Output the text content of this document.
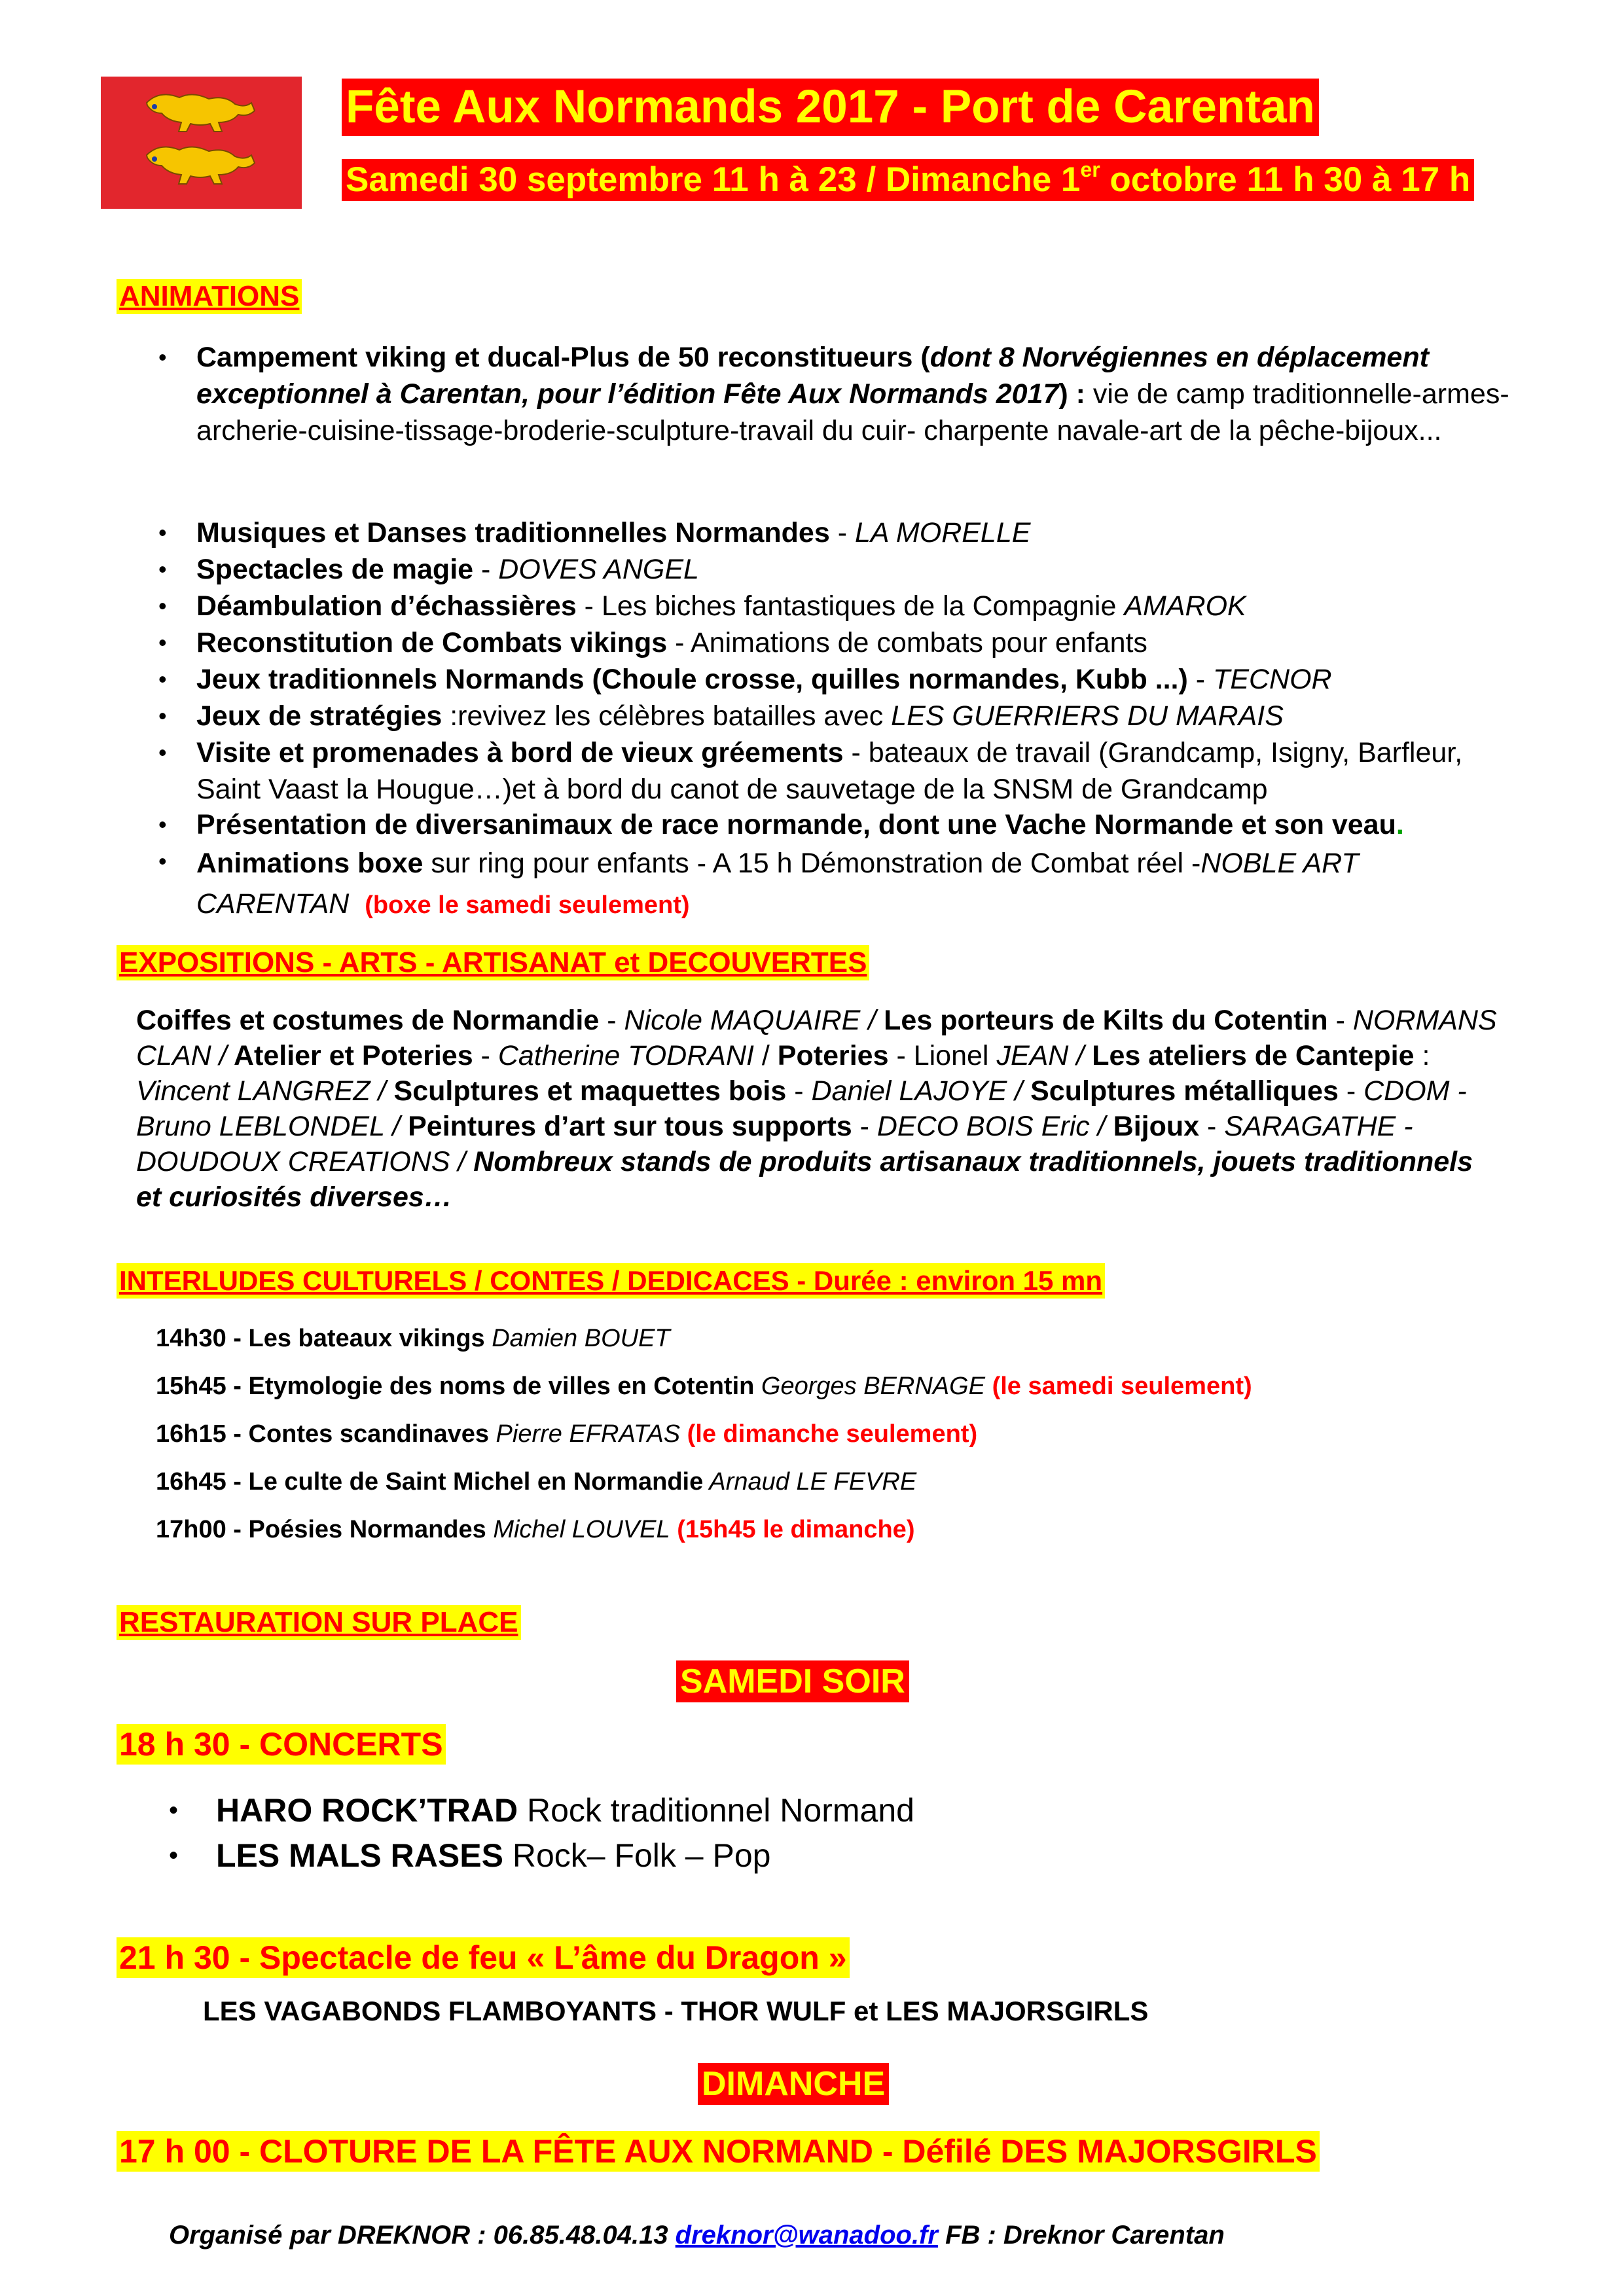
Fête Aux Normands 2017 - Port de Carentan
Samedi 30 septembre 11 h à 23 / Dimanche 1er octobre 11 h 30 à 17 h
ANIMATIONS
• Campement viking et ducal-Plus de 50 reconstitueurs (dont 8 Norvégiennes en déplacement exceptionnel à Carentan, pour l’édition Fête Aux Normands 2017) : vie de camp traditionnelle-armes-archerie-cuisine-tissage-broderie-sculpture-travail du cuir- charpente navale-art de la pêche-bijoux...
• Musiques et Danses traditionnelles Normandes - LA MORELLE
• Spectacles de magie - DOVES ANGEL
• Déambulation d’échassières - Les biches fantastiques de la Compagnie AMAROK
• Reconstitution de Combats vikings - Animations de combats pour enfants
• Jeux traditionnels Normands (Choule crosse, quilles normandes, Kubb ...) - TECNOR
• Jeux de stratégies :revivez les célèbres batailles avec LES GUERRIERS DU MARAIS
• Visite et promenades à bord de vieux gréements - bateaux de travail (Grandcamp, Isigny, Barfleur, Saint Vaast la Hougue…)et à bord du canot de sauvetage de la SNSM de Grandcamp
• Présentation de diversanimaux de race normande, dont une Vache Normande et son veau.
• Animations boxe sur ring pour enfants - A 15 h Démonstration de Combat réel -NOBLE ART CARENTAN (boxe le samedi seulement)
EXPOSITIONS - ARTS - ARTISANAT et DECOUVERTES
Coiffes et costumes de Normandie - Nicole MAQUAIRE / Les porteurs de Kilts du Cotentin - NORMANS CLAN / Atelier et Poteries - Catherine TODRANI / Poteries - Lionel JEAN / Les ateliers de Cantepie : Vincent LANGREZ / Sculptures et maquettes bois - Daniel LAJOYE / Sculptures métalliques - CDOM - Bruno LEBLONDEL / Peintures d’art sur tous supports - DECO BOIS Eric / Bijoux - SARAGATHE - DOUDOUX CREATIONS / Nombreux stands de produits artisanaux traditionnels, jouets traditionnels et curiosités diverses…
INTERLUDES CULTURELS / CONTES / DEDICACES - Durée : environ 15 mn
14h30 - Les bateaux vikings Damien BOUET
15h45 - Etymologie des noms de villes en Cotentin Georges BERNAGE (le samedi seulement)
16h15 - Contes scandinaves Pierre EFRATAS (le dimanche seulement)
16h45 - Le culte de Saint Michel en Normandie Arnaud LE FEVRE
17h00 - Poésies Normandes Michel LOUVEL (15h45 le dimanche)
RESTAURATION SUR PLACE
SAMEDI SOIR
18 h 30 - CONCERTS
• HARO ROCK’TRAD Rock traditionnel Normand
• LES MALS RASES Rock– Folk – Pop
21 h 30 - Spectacle de feu « L’âme du Dragon »
LES VAGABONDS FLAMBOYANTS - THOR WULF et LES MAJORSGIRLS
DIMANCHE
17 h 00 - CLOTURE DE LA FÊTE AUX NORMAND - Défilé DES MAJORSGIRLS
Organisé par DREKNOR : 06.85.48.04.13 dreknor@wanadoo.fr FB : Dreknor Carentan
